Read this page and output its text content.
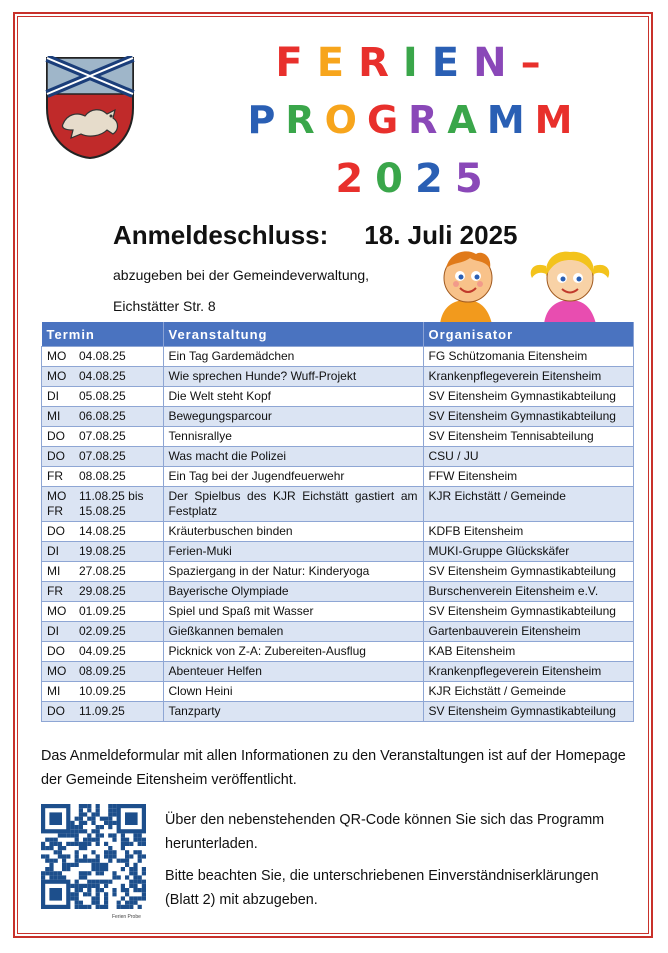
FERIEN–
PROGRAMM
2025
Anmeldeschluss: 18. Juli 2025
abzugeben bei der Gemeindeverwaltung,
Eichstätter Str. 8
Termin	Veranstaltung	Organisator

MO 04.08.25	Ein Tag Gardemädchen	FG Schützomania Eitensheim

MO 04.08.25	Wie sprechen Hunde? Wuff-Projekt	Krankenpflegeverein Eitensheim

DI 05.08.25	Die Welt steht Kopf	SV Eitensheim Gymnastikabteilung

MI 06.08.25	Bewegungsparcour	SV Eitensheim Gymnastikabteilung

DO 07.08.25	Tennisrallye	SV Eitensheim Tennisabteilung

DO 07.08.25	Was macht die Polizei	CSU / JU

FR 08.08.25	Ein Tag bei der Jugendfeuerwehr	FFW Eitensheim

MO 11.08.25 bis
FR 15.08.25	Der Spielbus des KJR Eichstätt gastiert am Festplatz	KJR Eichstätt / Gemeinde

DO 14.08.25	Kräuterbuschen binden	KDFB Eitensheim

DI 19.08.25	Ferien-Muki	MUKI-Gruppe Glückskäfer

MI 27.08.25	Spaziergang in der Natur: Kinderyoga	SV Eitensheim Gymnastikabteilung

FR 29.08.25	Bayerische Olympiade	Burschenverein Eitensheim e.V.

MO 01.09.25	Spiel und Spaß mit Wasser	SV Eitensheim Gymnastikabteilung

DI 02.09.25	Gießkannen bemalen	Gartenbauverein Eitensheim

DO 04.09.25	Picknick von Z-A: Zubereiten-Ausflug	KAB Eitensheim

MO 08.09.25	Abenteuer Helfen	Krankenpflegeverein Eitensheim

MI 10.09.25	Clown Heini	KJR Eichstätt / Gemeinde

DO 11.09.25	Tanzparty	SV Eitensheim Gymnastikabteilung
Das Anmeldeformular mit allen Informationen zu den Veranstaltungen ist auf der Homepage der Gemeinde Eitensheim veröffentlicht.
Ferien Probe

Über den nebenstehenden QR-Code können Sie sich das Programm herunterladen.

Bitte beachten Sie, die unterschriebenen Einverständniserklärungen (Blatt 2) mit abzugeben.
